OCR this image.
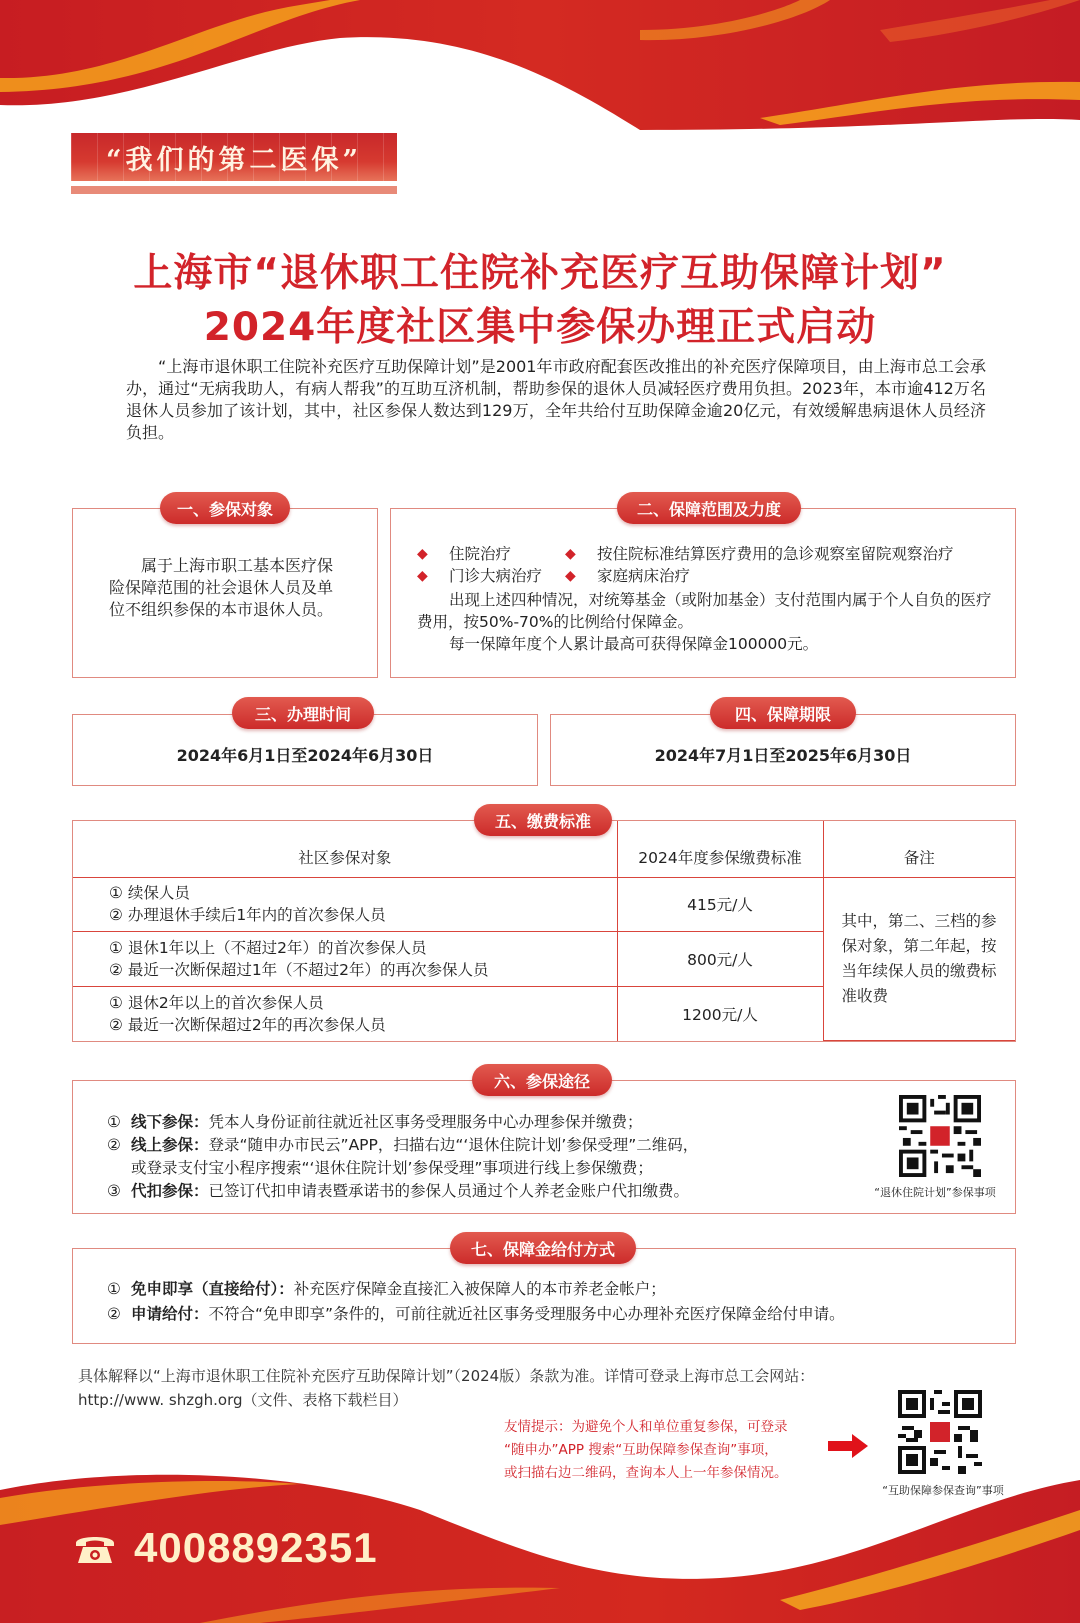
“我们的第二医保”
上海市“退休职工住院补充医疗互助保障计划”
2024年度社区集中参保办理正式启动

“上海市退休职工住院补充医疗互助保障计划”是2001年市政府配套医改推出的补充医疗保障项目，由上海市总工会承办，通过“无病我助人，有病人帮我”的互助互济机制，帮助参保的退休人员减轻医疗费用负担。2023年，本市逾412万名退休人员参加了该计划，其中，社区参保人数达到129万，全年共给付互助保障金逾20亿元，有效缓解患病退休人员经济负担。

属于上海市职工基本医疗保险保障范围的社会退休人员及单位不组织参保的本市退休人员。
一、参保对象
◆	住院治疗	◆	按住院标准结算医疗费用的急诊观察室留院观察治疗
◆	门诊大病治疗 ◆	家庭病床治疗
出现上述四种情况，对统筹基金（或附加基金）支付范围内属于个人自负的医疗费用，按50%-70%的比例给付保障金。
每一保障年度个人累计最高可获得保障金100000元。
二、保障范围及力度
2024年6月1日至2024年6月30日
三、办理时间
2024年7月1日至2025年6月30日
四、保障期限
社区参保对象	2024年度参保缴费标准	备注

① 续保人员
② 办理退休手续后1年内的首次参保人员	415元/人	其中，第二、三档的参保对象，第二年起，按当年续保人员的缴费标准收费

① 退休1年以上（不超过2年）的首次参保人员
② 最近一次断保超过1年（不超过2年）的再次参保人员	800元/人	

① 退休2年以上的首次参保人员
② 最近一次断保超过2年的再次参保人员	1200元/人	
五、缴费标准
① 线下参保：凭本人身份证前往就近社区事务受理服务中心办理参保并缴费；
② 线上参保：登录“随申办市民云”APP，扫描右边“‘退休住院计划’参保受理”二维码，
或登录支付宝小程序搜索“‘退休住院计划’参保受理”事项进行线上参保缴费；
③ 代扣参保：已签订代扣申请表暨承诺书的参保人员通过个人养老金账户代扣缴费。	“退休住院计划”参保事项
六、参保途径
① 免申即享（直接给付）：补充医疗保障金直接汇入被保障人的本市养老金帐户；
② 申请给付：不符合“免申即享”条件的，可前往就近社区事务受理服务中心办理补充医疗保障金给付申请。
七、保障金给付方式
具体解释以“上海市退休职工住院补充医疗互助保障计划”（2024版）条款为准。详情可登录上海市总工会网站：
http://www. shzgh.org（文件、表格下载栏目）
友情提示：为避免个人和单位重复参保，可登录
“随申办”APP 搜索“互助保障参保查询”事项，
或扫描右边二维码，查询本人上一年参保情况。
“互助保障参保查询”事项
4008892351
